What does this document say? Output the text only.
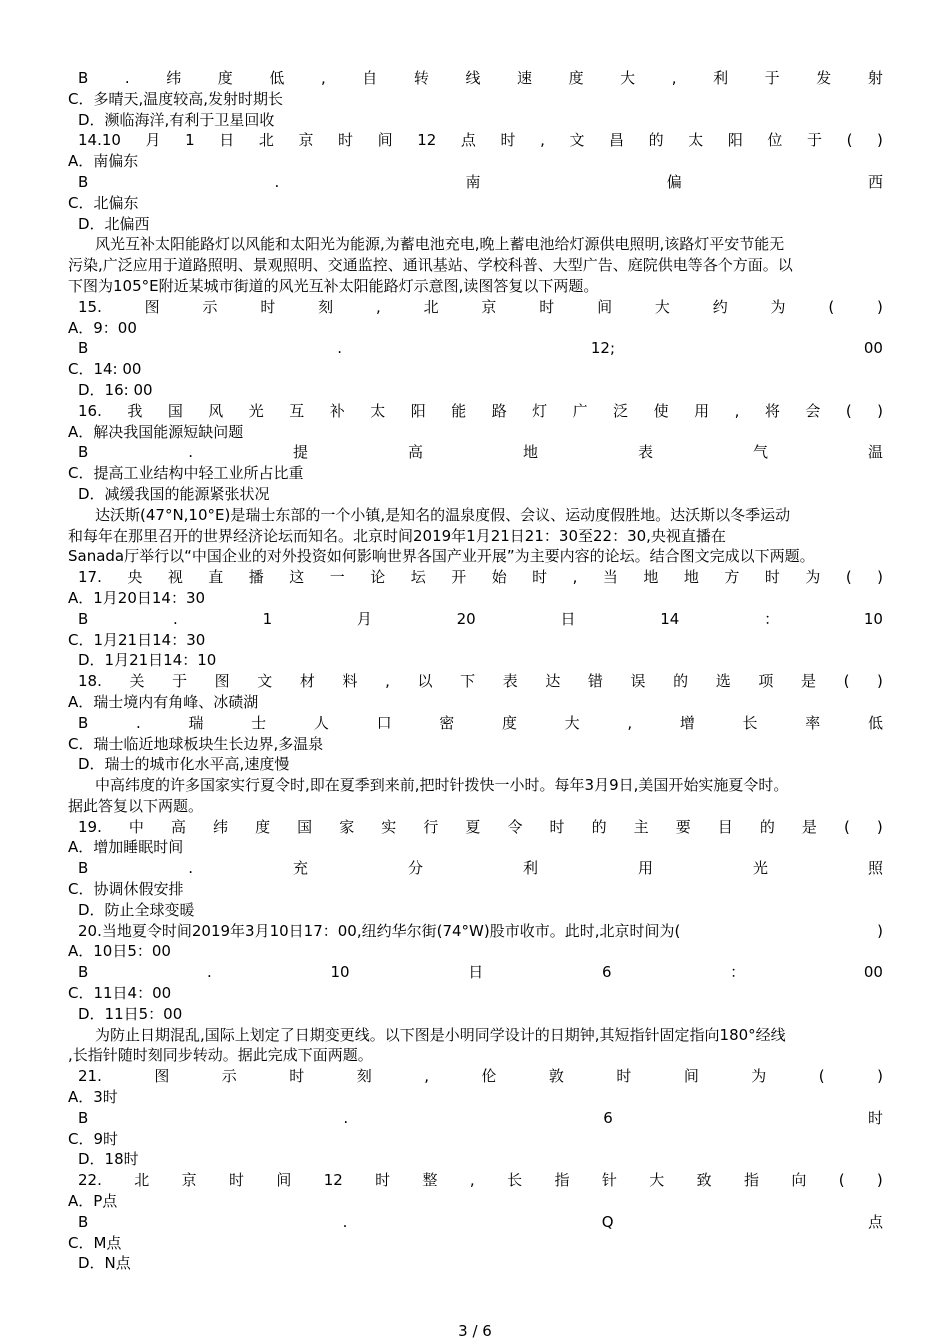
B . 纬 度 低 , 自 转 线 速 度 大 , 利 于 发 射
C．多晴天,温度较高,发射时期长
D．濒临海洋,有利于卫星回收
14.10 月 1 日 北 京 时 间 12 点 时 , 文 昌 的 太 阳 位 于 ( )
A．南偏东
B	.	南	偏	西
C．北偏东
D．北偏西
风光互补太阳能路灯以风能和太阳光为能源,为蓄电池充电,晚上蓄电池给灯源供电照明,该路灯平安节能无
污染,广泛应用于道路照明、景观照明、交通监控、通讯基站、学校科普、大型广告、庭院供电等各个方面。以
下图为105°E附近某城市街道的风光互补太阳能路灯示意图,读图答复以下两题。
15.	图	示	时	刻	,	北	京	时	间	大	约	为	(	)
A．9：00
B	.	12;	00
C．14: 00
D．16: 00
16. 我 国 风 光 互 补 太 阳 能 路 灯 广 泛 使 用 , 将 会 ( )
A．解决我国能源短缺问题
B	.	提	高	地	表	气	温
C．提高工业结构中轻工业所占比重
D．减缓我国的能源紧张状况
达沃斯(47°N,10°E)是瑞士东部的一个小镇,是知名的温泉度假、会议、运动度假胜地。达沃斯以冬季运动
和每年在那里召开的世界经济论坛而知名。北京时间2019年1月21日21：30至22：30,央视直播在
Sanada厅举行以“中国企业的对外投资如何影响世界各国产业开展”为主要内容的论坛。结合图文完成以下两题。
17. 央 视 直 播 这 一 论 坛 开 始 时 , 当 地 地 方 时 为 ( )
A．1月20日14：30
B	.	1	月	20	日	14	：	10
C．1月21日14：30
D．1月21日14：10
18. 关 于 图 文 材 料 , 以 下 表 达 错 误 的 选 项 是 ( )
A．瑞士境内有角峰、冰碛湖
B	.	瑞	士	人	口	密	度	大	,	增	长	率	低
C．瑞士临近地球板块生长边界,多温泉
D．瑞士的城市化水平高,速度慢
中高纬度的许多国家实行夏令时,即在夏季到来前,把时针拨快一小时。每年3月9日,美国开始实施夏令时。
据此答复以下两题。
19. 中 高 纬 度 国 家 实 行 夏 令 时 的 主 要 目 的 是 ( )
A．增加睡眠时间
B	.	充	分	利	用	光	照
C．协调休假安排
D．防止全球变暖
20.当地夏令时间2019年3月10日17：00,纽约华尔街(74°W)股市收市。此时,北京时间为(	)
A．10日5：00
B	.	10	日	6	：	00
C．11日4：00
D．11日5：00
为防止日期混乱,国际上划定了日期变更线。以下图是小明同学设计的日期钟,其短指针固定指向180°经线
,长指针随时刻同步转动。据此完成下面两题。
21.	图	示	时	刻	,	伦	敦	时	间	为	(	)
A．3时
B	.	6	时
C．9时
D．18时
22. 北 京 时 间 12 时 整 , 长 指 针 大 致 指 向 ( )
A．P点
B	.	Q	点
C．M点
D．N点
3 / 6
